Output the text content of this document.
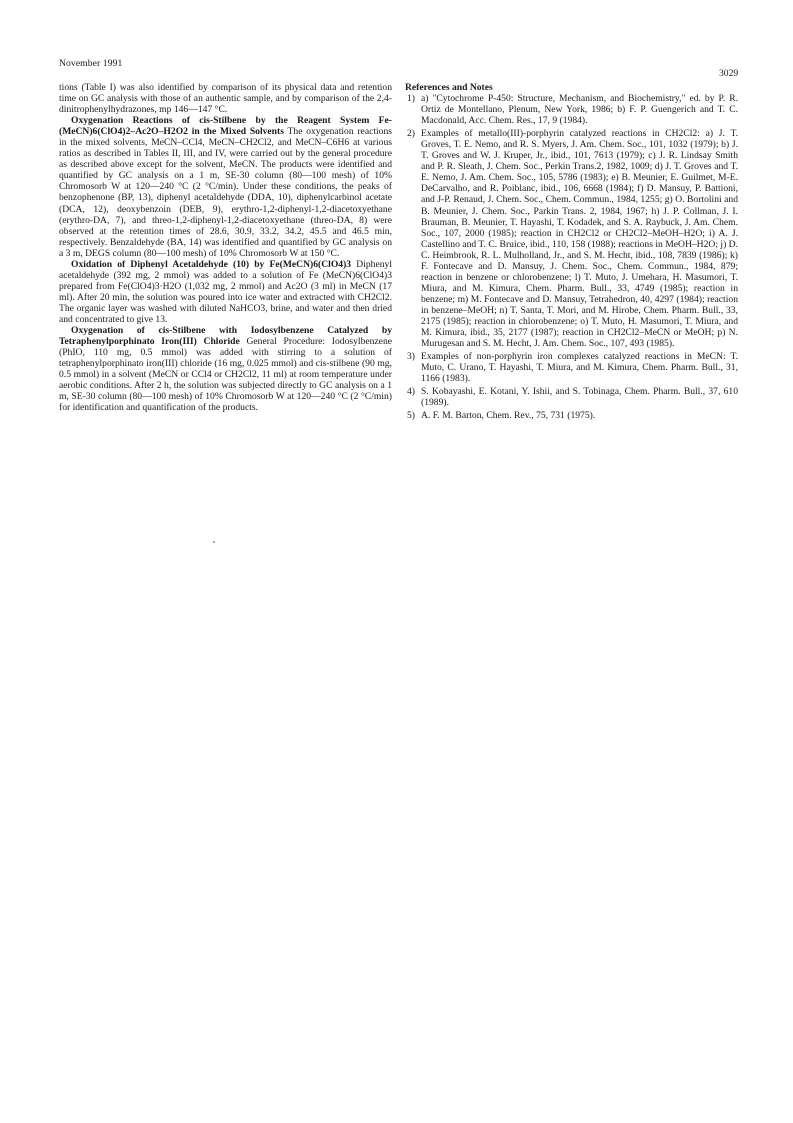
November 1991
3029

tions (Table I) was also identified by comparison of its physical data and retention time on GC analysis with those of an authentic sample, and by comparison of the 2,4-dinitrophenylhydrazones, mp 146—147 °C.

Oxygenation Reactions of cis-Stilbene by the Reagent System Fe-(MeCN)6(ClO4)2–Ac2O–H2O2 in the Mixed Solvents The oxygenation reactions in the mixed solvents, MeCN–CCl4, MeCN–CH2Cl2, and MeCN–C6H6 at various ratios as described in Tables II, III, and IV, were carried out by the general procedure as described above except for the solvent, MeCN. The products were identified and quantified by GC analysis on a 1 m, SE-30 column (80—100 mesh) of 10% Chromosorb W at 120—240 °C (2 °C/min). Under these conditions, the peaks of benzophenone (BP, 13), diphenyl acetaldehyde (DDA, 10), diphenylcarbinol acetate (DCA, 12), deoxybenzoin (DEB, 9), erythro-1,2-diphenyl-1,2-diacetoxyethane (erythro-DA, 7), and threo-1,2-diphenyl-1,2-diacetoxyethane (threo-DA, 8) were observed at the retention times of 28.6, 30.9, 33.2, 34.2, 45.5 and 46.5 min, respectively. Benzaldehyde (BA, 14) was identified and quantified by GC analysis on a 3 m, DEGS column (80—100 mesh) of 10% Chromosorb W at 150 °C.

Oxidation of Diphenyl Acetaldehyde (10) by Fe(MeCN)6(ClO4)3 Diphenyl acetaldehyde (392 mg, 2 mmol) was added to a solution of Fe (MeCN)6(ClO4)3 prepared from Fe(ClO4)3·H2O (1,032 mg, 2 mmol) and Ac2O (3 ml) in MeCN (17 ml). After 20 min, the solution was poured into ice water and extracted with CH2Cl2. The organic layer was washed with diluted NaHCO3, brine, and water and then dried and concentrated to give 13.

Oxygenation of cis-Stilbene with Iodosylbenzene Catalyzed by Tetraphenylporphinato Iron(III) Chloride General Procedure: Iodosylbenzene (PhIO, 110 mg, 0.5 mmol) was added with stirring to a solution of tetraphenylporphinato iron(III) chloride (16 mg, 0.025 mmol) and cis-stilbene (90 mg, 0.5 mmol) in a solvent (MeCN or CCl4 or CH2Cl2, 11 ml) at room temperature under aerobic conditions. After 2 h, the solution was subjected directly to GC analysis on a 1 m, SE-30 column (80—100 mesh) of 10% Chromosorb W at 120—240 °C (2 °C/min) for identification and quantification of the products.

References and Notes
1) a) "Cytochrome P-450: Structure, Mechanism, and Biochemistry," ed. by P. R. Ortiz de Montellano, Plenum, New York, 1986; b) F. P. Guengerich and T. C. Macdonald, Acc. Chem. Res., 17, 9 (1984).
2) Examples of metallo(III)-porphyrin catalyzed reactions in CH2Cl2: a) J. T. Groves, T. E. Nemo, and R. S. Myers, J. Am. Chem. Soc., 101, 1032 (1979); b) J. T. Groves and W. J. Kruper, Jr., ibid., 101, 7613 (1979); c) J. R. Lindsay Smith and P. R. Sleath, J. Chem. Soc., Perkin Trans.2, 1982, 1009; d) J. T. Groves and T. E. Nemo, J. Am. Chem. Soc., 105, 5786 (1983); e) B. Meunier, E. Guilmet, M-E. DeCarvalho, and R. Poiblanc, ibid., 106, 6668 (1984); f) D. Mansuy, P. Battioni, and J-P. Renaud, J. Chem. Soc., Chem. Commun., 1984, 1255; g) O. Bortolini and B. Meunier, J. Chem. Soc., Parkin Trans. 2, 1984, 1967; h) J. P. Collman, J. I. Brauman, B. Meunier, T. Hayashi, T. Kodadek, and S. A. Raybuck, J. Am. Chem. Soc., 107, 2000 (1985); reaction in CH2Cl2 or CH2Cl2–MeOH–H2O; i) A. J. Castellino and T. C. Bruice, ibid., 110, 158 (1988); reactions in MeOH–H2O; j) D. C. Heimbrook, R. L. Mulholland, Jr., and S. M. Hecht, ibid., 108, 7839 (1986); k) F. Fontecave and D. Mansuy, J. Chem. Soc., Chem. Commun., 1984, 879; reaction in benzene or chlorobenzene; l) T. Muto, J. Umehara, H. Masumori, T. Miura, and M. Kimura, Chem. Pharm. Bull., 33, 4749 (1985); reaction in benzene; m) M. Fontecave and D. Mansuy, Tetrahedron, 40, 4297 (1984); reaction in benzene–MeOH; n) T. Santa, T. Mori, and M. Hirobe, Chem. Pharm. Bull., 33, 2175 (1985); reaction in chlorobenzene; o) T. Muto, H. Masumori, T. Miura, and M. Kimura, ibid., 35, 2177 (1987); reaction in CH2Cl2–MeCN or MeOH; p) N. Murugesan and S. M. Hecht, J. Am. Chem. Soc., 107, 493 (1985).
3) Examples of non-porphyrin iron complexes catalyzed reactions in MeCN: T. Muto, C. Urano, T. Hayashi, T. Miura, and M. Kimura, Chem. Pharm. Bull., 31, 1166 (1983).
4) S. Kobayashi, E. Kotani, Y. Ishii, and S. Tobinaga, Chem. Pharm. Bull., 37, 610 (1989).
5) A. F. M. Barton, Chem. Rev., 75, 731 (1975).
